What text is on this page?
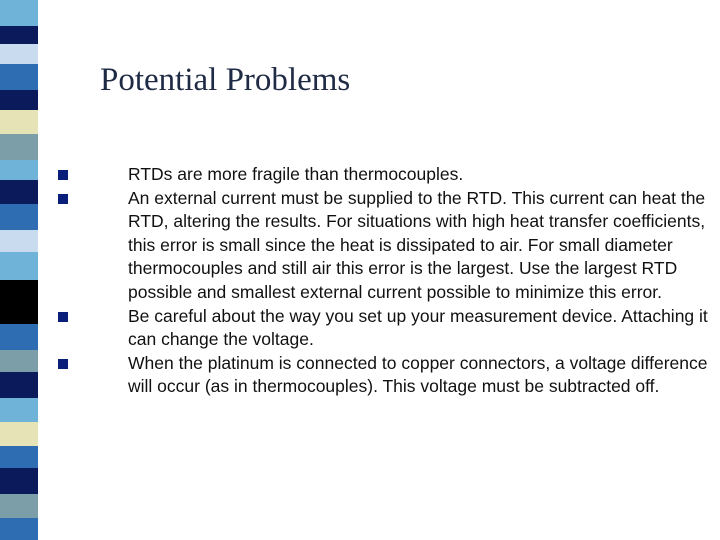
Potential Problems
RTDs are more fragile than thermocouples.
An external current must be supplied to the RTD. This current can heat the RTD, altering the results. For situations with high heat transfer coefficients, this error is small since the heat is dissipated to air. For small diameter thermocouples and still air this error is the largest. Use the largest RTD possible and smallest external current possible to minimize this error.
Be careful about the way you set up your measurement device. Attaching it can change the voltage.
When the platinum is connected to copper connectors, a voltage difference will occur (as in thermocouples). This voltage must be subtracted off.
